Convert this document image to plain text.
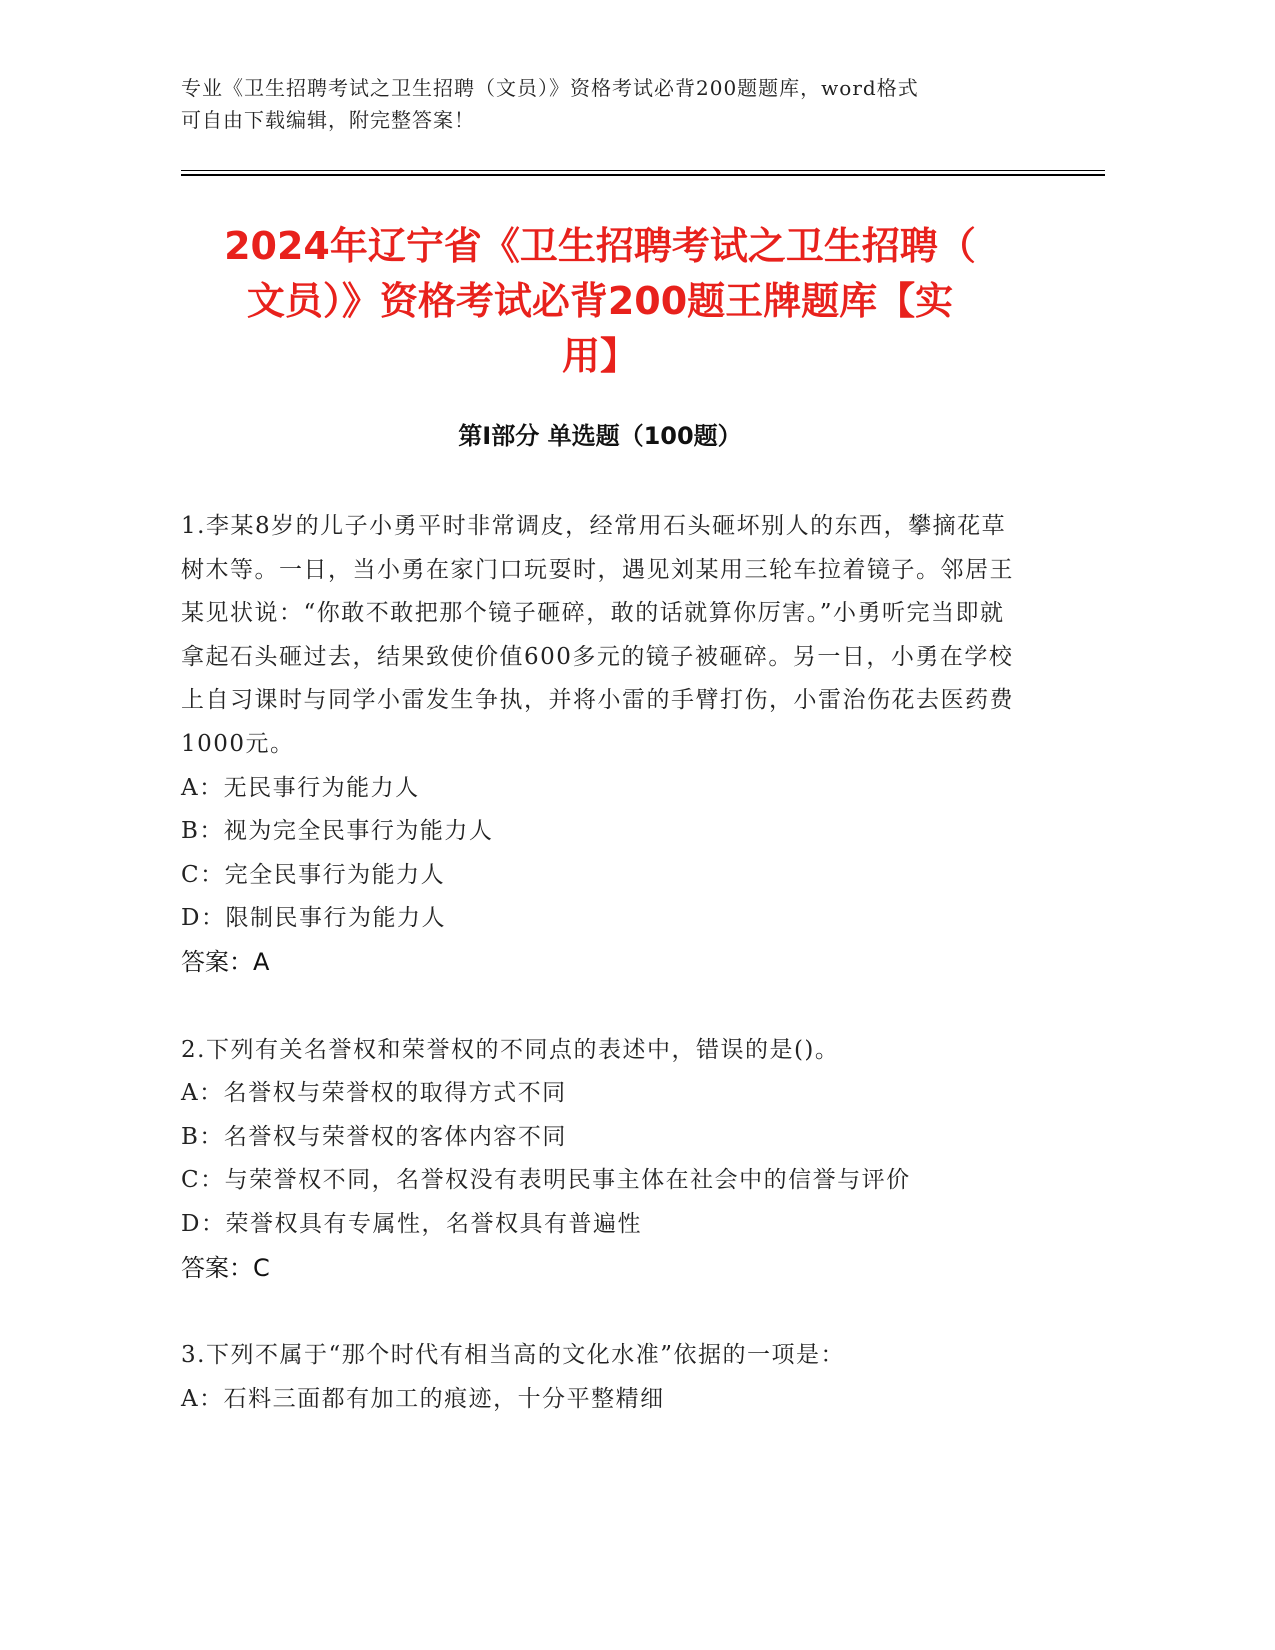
专业《卫生招聘考试之卫生招聘（文员）》资格考试必背200题题库，word格式
可自由下载编辑，附完整答案！
2024年辽宁省《卫生招聘考试之卫生招聘（
文员）》资格考试必背200题王牌题库【实
用】
第I部分 单选题（100题）

1.李某8岁的儿子小勇平时非常调皮，经常用石头砸坏别人的东西，攀摘花草树木等。一日，当小勇在家门口玩耍时，遇见刘某用三轮车拉着镜子。邻居王某见状说：“你敢不敢把那个镜子砸碎，敢的话就算你厉害。”小勇听完当即就拿起石头砸过去，结果致使价值600多元的镜子被砸碎。另一日，小勇在学校上自习课时与同学小雷发生争执，并将小雷的手臂打伤，小雷治伤花去医药费1000元。

A：无民事行为能力人

B：视为完全民事行为能力人

C：完全民事行为能力人

D：限制民事行为能力人

答案：A

2.下列有关名誉权和荣誉权的不同点的表述中，错误的是()。

A：名誉权与荣誉权的取得方式不同

B：名誉权与荣誉权的客体内容不同

C：与荣誉权不同，名誉权没有表明民事主体在社会中的信誉与评价

D：荣誉权具有专属性，名誉权具有普遍性

答案：C

3.下列不属于“那个时代有相当高的文化水准”依据的一项是：

A：石料三面都有加工的痕迹，十分平整精细
